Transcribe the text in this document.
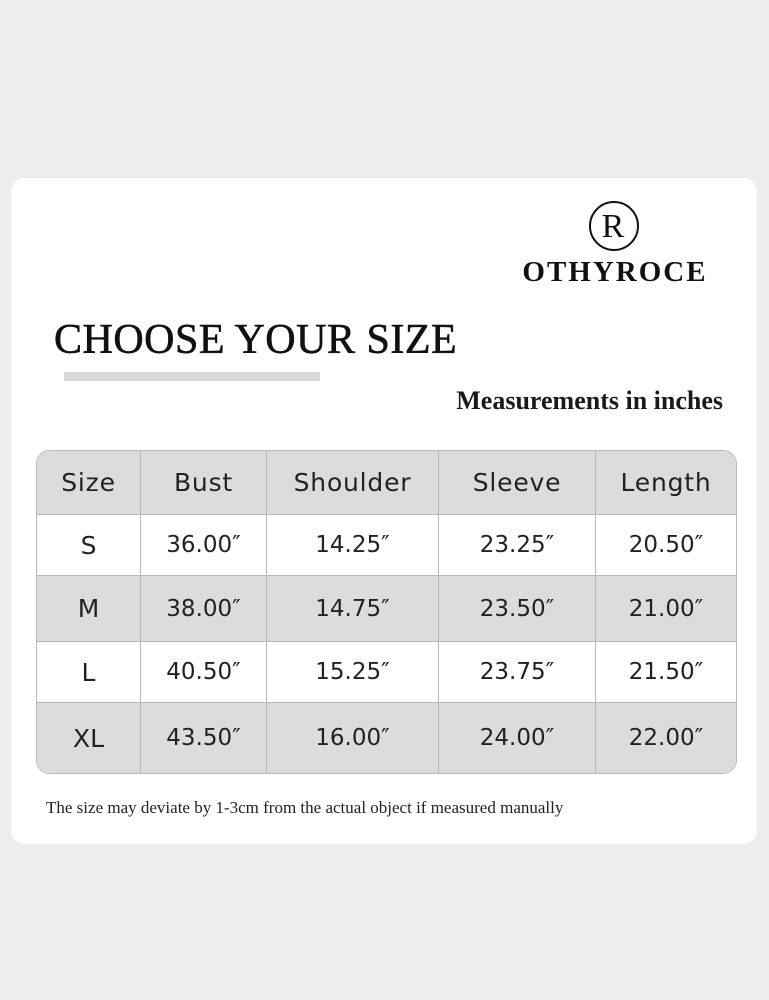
R
OTHYROCE
CHOOSE YOUR SIZE
Measurements in inches
Size	Bust	Shoulder	Sleeve	Length
S	36.00″	14.25″	23.25″	20.50″
M	38.00″	14.75″	23.50″	21.00″
L	40.50″	15.25″	23.75″	21.50″
XL	43.50″	16.00″	24.00″	22.00″
The size may deviate by 1-3cm from the actual object if measured manually
